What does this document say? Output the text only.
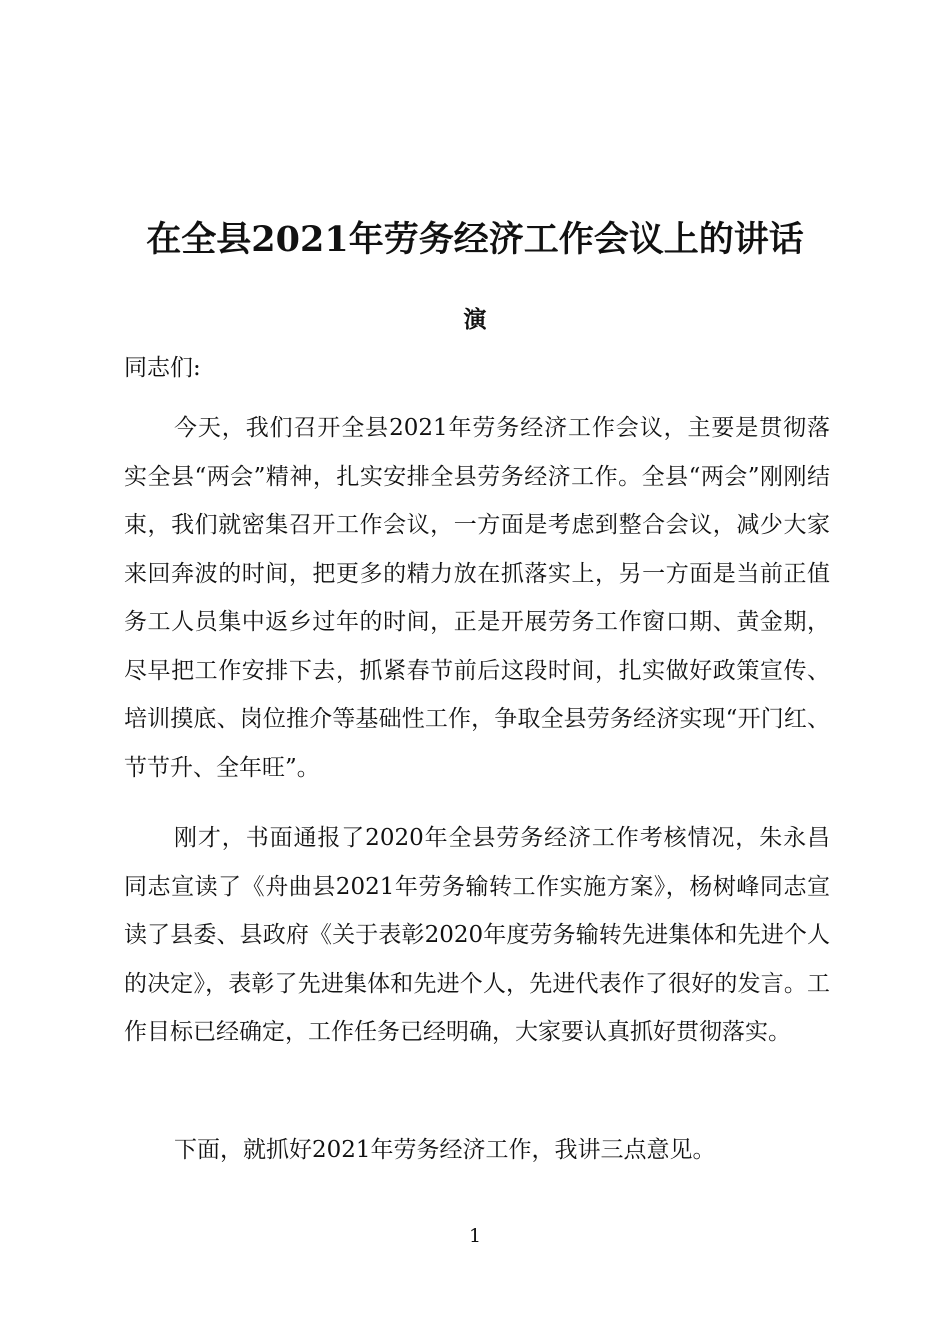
在全县2021年劳务经济工作会议上的讲话
演
同志们:

今天，我们召开全县2021年劳务经济工作会议，主要是贯彻落实全县“两会”精神，扎实安排全县劳务经济工作。全县“两会”刚刚结束，我们就密集召开工作会议，一方面是考虑到整合会议，减少大家来回奔波的时间，把更多的精力放在抓落实上，另一方面是当前正值务工人员集中返乡过年的时间，正是开展劳务工作窗口期、黄金期，尽早把工作安排下去，抓紧春节前后这段时间，扎实做好政策宣传、培训摸底、岗位推介等基础性工作，争取全县劳务经济实现“开门红、节节升、全年旺”。

刚才，书面通报了2020年全县劳务经济工作考核情况，朱永昌同志宣读了《舟曲县2021年劳务输转工作实施方案》，杨树峰同志宣读了县委、县政府《关于表彰2020年度劳务输转先进集体和先进个人的决定》，表彰了先进集体和先进个人，先进代表作了很好的发言。工作目标已经确定，工作任务已经明确，大家要认真抓好贯彻落实。

下面，就抓好2021年劳务经济工作，我讲三点意见。

1
